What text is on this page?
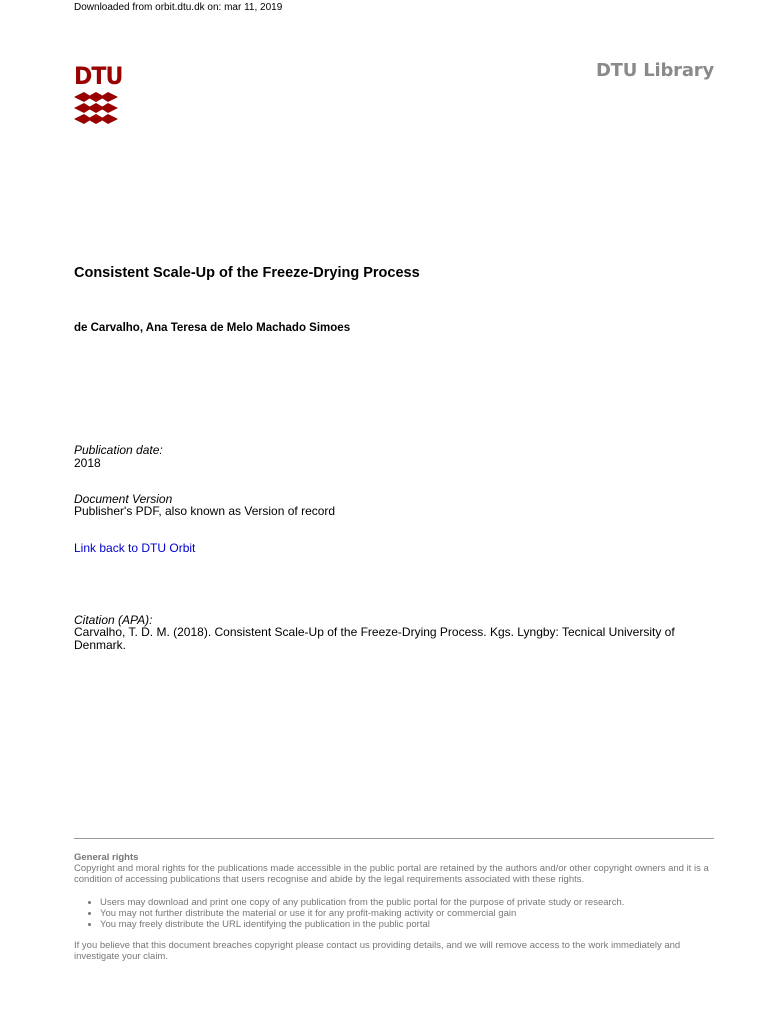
Downloaded from orbit.dtu.dk on: mar 11, 2019
DTU	DTU Library
Consistent Scale-Up of the Freeze-Drying Process
de Carvalho, Ana Teresa de Melo Machado Simoes
Publication date:
2018
Document Version
Publisher's PDF, also known as Version of record
Link back to DTU Orbit
Citation (APA):
Carvalho, T. D. M. (2018). Consistent Scale-Up of the Freeze-Drying Process. Kgs. Lyngby: Tecnical University of Denmark.
General rights

Copyright and moral rights for the publications made accessible in the public portal are retained by the authors and/or other copyright owners and it is a condition of accessing publications that users recognise and abide by the legal requirements associated with these rights.

• Users may download and print one copy of any publication from the public portal for the purpose of private study or research.
• You may not further distribute the material or use it for any profit-making activity or commercial gain
• You may freely distribute the URL identifying the publication in the public portal

If you believe that this document breaches copyright please contact us providing details, and we will remove access to the work immediately and investigate your claim.
